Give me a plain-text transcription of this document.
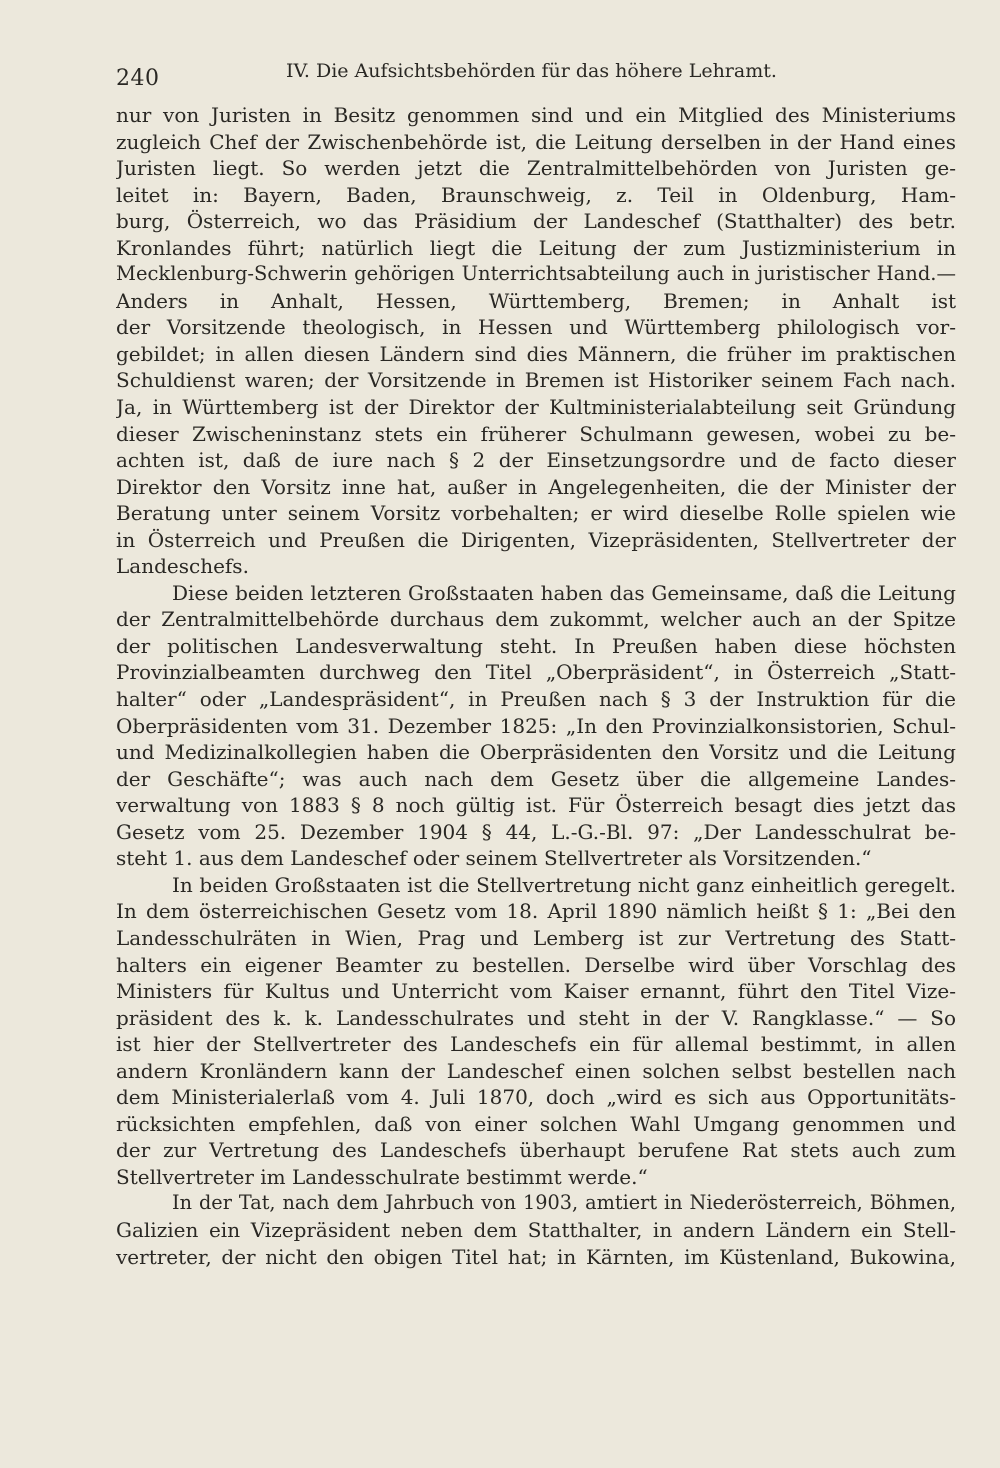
240	IV. Die Aufsichtsbehörden für das höhere Lehramt.
nur von Juristen in Besitz genommen sind und ein Mitglied des Ministeriums
zugleich Chef der Zwischenbehörde ist, die Leitung derselben in der Hand eines
Juristen liegt. So werden jetzt die Zentralmittelbehörden von Juristen ge-
leitet in: Bayern, Baden, Braunschweig, z. Teil in Oldenburg, Ham-
burg, Österreich, wo das Präsidium der Landeschef (Statthalter) des betr.
Kronlandes führt; natürlich liegt die Leitung der zum Justizministerium in
Mecklenburg-Schwerin gehörigen Unterrichtsabteilung auch in juristischer Hand.—
Anders in Anhalt, Hessen, Württemberg, Bremen; in Anhalt ist
der Vorsitzende theologisch, in Hessen und Württemberg philologisch vor-
gebildet; in allen diesen Ländern sind dies Männern, die früher im praktischen
Schuldienst waren; der Vorsitzende in Bremen ist Historiker seinem Fach nach.
Ja, in Württemberg ist der Direktor der Kultministerialabteilung seit Gründung
dieser Zwischeninstanz stets ein früherer Schulmann gewesen, wobei zu be-
achten ist, daß de iure nach § 2 der Einsetzungsordre und de facto dieser
Direktor den Vorsitz inne hat, außer in Angelegenheiten, die der Minister der
Beratung unter seinem Vorsitz vorbehalten; er wird dieselbe Rolle spielen wie
in Österreich und Preußen die Dirigenten, Vizepräsidenten, Stellvertreter der
Landeschefs.
Diese beiden letzteren Großstaaten haben das Gemeinsame, daß die Leitung
der Zentralmittelbehörde durchaus dem zukommt, welcher auch an der Spitze
der politischen Landesverwaltung steht. In Preußen haben diese höchsten
Provinzialbeamten durchweg den Titel „Oberpräsident“, in Österreich „Statt-
halter“ oder „Landespräsident“, in Preußen nach § 3 der Instruktion für die
Oberpräsidenten vom 31. Dezember 1825: „In den Provinzialkonsistorien, Schul-
und Medizinalkollegien haben die Oberpräsidenten den Vorsitz und die Leitung
der Geschäfte“; was auch nach dem Gesetz über die allgemeine Landes-
verwaltung von 1883 § 8 noch gültig ist. Für Österreich besagt dies jetzt das
Gesetz vom 25. Dezember 1904 § 44, L.-G.-Bl. 97: „Der Landesschulrat be-
steht 1. aus dem Landeschef oder seinem Stellvertreter als Vorsitzenden.“
In beiden Großstaaten ist die Stellvertretung nicht ganz einheitlich geregelt.
In dem österreichischen Gesetz vom 18. April 1890 nämlich heißt § 1: „Bei den
Landesschulräten in Wien, Prag und Lemberg ist zur Vertretung des Statt-
halters ein eigener Beamter zu bestellen. Derselbe wird über Vorschlag des
Ministers für Kultus und Unterricht vom Kaiser ernannt, führt den Titel Vize-
präsident des k. k. Landesschulrates und steht in der V. Rangklasse.“ — So
ist hier der Stellvertreter des Landeschefs ein für allemal bestimmt, in allen
andern Kronländern kann der Landeschef einen solchen selbst bestellen nach
dem Ministerialerlaß vom 4. Juli 1870, doch „wird es sich aus Opportunitäts-
rücksichten empfehlen, daß von einer solchen Wahl Umgang genommen und
der zur Vertretung des Landeschefs überhaupt berufene Rat stets auch zum
Stellvertreter im Landesschulrate bestimmt werde.“
In der Tat, nach dem Jahrbuch von 1903, amtiert in Niederösterreich, Böhmen,
Galizien ein Vizepräsident neben dem Statthalter, in andern Ländern ein Stell-
vertreter, der nicht den obigen Titel hat; in Kärnten, im Küstenland, Bukowina,
